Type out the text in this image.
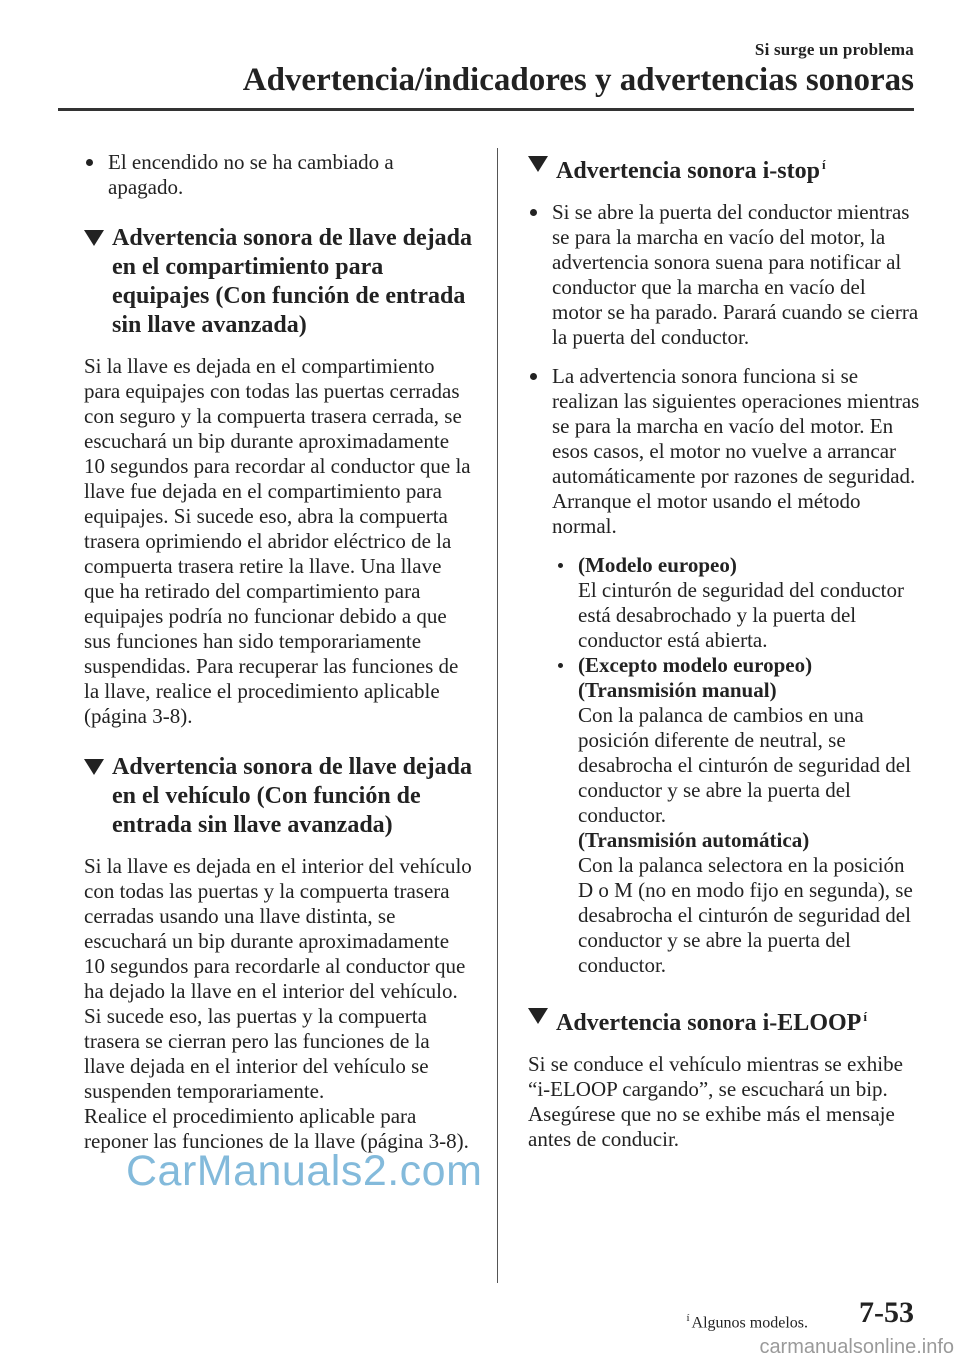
Si surge un problema
Advertencia/indicadores y advertencias sonoras
El encendido no se ha cambiado a apagado.
Advertencia sonora de llave dejada en el compartimiento para equipajes (Con función de entrada sin llave avanzada)

Si la llave es dejada en el compartimiento para equipajes con todas las puertas cerradas con seguro y la compuerta trasera cerrada, se escuchará un bip durante aproximadamente 10 segundos para recordar al conductor que la llave fue dejada en el compartimiento para equipajes. Si sucede eso, abra la compuerta trasera oprimiendo el abridor eléctrico de la compuerta trasera retire la llave. Una llave que ha retirado del compartimiento para equipajes podría no funcionar debido a que sus funciones han sido temporariamente suspendidas. Para recuperar las funciones de la llave, realice el procedimiento aplicable (página 3-8).

Advertencia sonora de llave dejada en el vehículo (Con función de entrada sin llave avanzada)
Si la llave es dejada en el interior del vehículo con todas las puertas y la compuerta trasera cerradas usando una llave distinta, se escuchará un bip durante aproximadamente 10 segundos para recordarle al conductor que ha dejado la llave en el interior del vehículo.
Si sucede eso, las puertas y la compuerta trasera se cierran pero las funciones de la llave dejada en el interior del vehículo se suspenden temporariamente.
Realice el procedimiento aplicable para reponer las funciones de la llave (página 3-8).
Advertencia sonora i-stop $^í$
Si se abre la puerta del conductor mientras se para la marcha en vacío del motor, la advertencia sonora suena para notificar al conductor que la marcha en vacío del motor se ha parado. Parará cuando se cierra la puerta del conductor.
La advertencia sonora funciona si se realizan las siguientes operaciones mientras se para la marcha en vacío del motor. En esos casos, el motor no vuelve a arrancar automáticamente por razones de seguridad. Arranque el motor usando el método normal.
(Modelo europeo)
El cinturón de seguridad del conductor está desabrochado y la puerta del conductor está abierta.
(Excepto modelo europeo)
(Transmisión manual)
Con la palanca de cambios en una posición diferente de neutral, se desabrocha el cinturón de seguridad del conductor y se abre la puerta del conductor.
(Transmisión automática)
Con la palanca selectora en la posición D o M (no en modo fijo en segunda), se desabrocha el cinturón de seguridad del conductor y se abre la puerta del conductor.
Advertencia sonora i-ELOOP $^í$

Si se conduce el vehículo mientras se exhibe “i-ELOOP cargando”, se escuchará un bip. Asegúrese que no se exhibe más el mensaje antes de conducir.

CarManuals2.com
$^í$ Algunos modelos. 7-53
carmanualsonline.info
